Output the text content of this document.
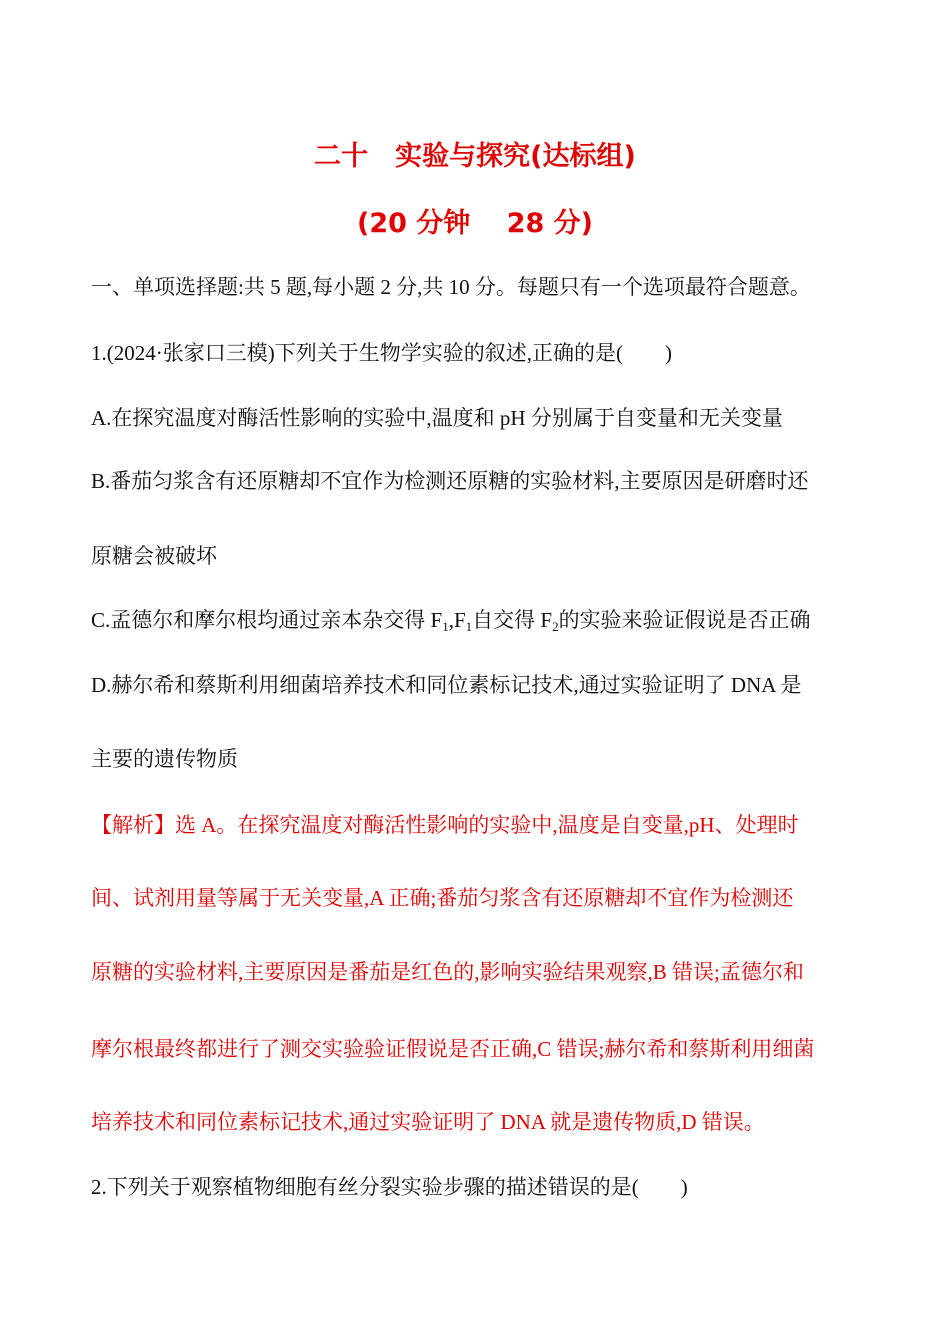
二十　实验与探究(达标组)
(20 分钟　 28 分)
一、单项选择题:共 5 题,每小题 2 分,共 10 分。每题只有一个选项最符合题意。
1.(2024·张家口三模)下列关于生物学实验的叙述,正确的是(　　)
A.在探究温度对酶活性影响的实验中,温度和 pH 分别属于自变量和无关变量
B.番茄匀浆含有还原糖却不宜作为检测还原糖的实验材料,主要原因是研磨时还
原糖会被破坏
C.孟德尔和摩尔根均通过亲本杂交得 $F_1,F_1$自交得 $F_2$的实验来验证假说是否正确
D.赫尔希和蔡斯利用细菌培养技术和同位素标记技术,通过实验证明了 DNA 是
主要的遗传物质
【解析】选 A。在探究温度对酶活性影响的实验中,温度是自变量,pH、处理时
间、试剂用量等属于无关变量,A 正确;番茄匀浆含有还原糖却不宜作为检测还
原糖的实验材料,主要原因是番茄是红色的,影响实验结果观察,B 错误;孟德尔和
摩尔根最终都进行了测交实验验证假说是否正确,C 错误;赫尔希和蔡斯利用细菌
培养技术和同位素标记技术,通过实验证明了 DNA 就是遗传物质,D 错误。
2.下列关于观察植物细胞有丝分裂实验步骤的描述错误的是(　　)
